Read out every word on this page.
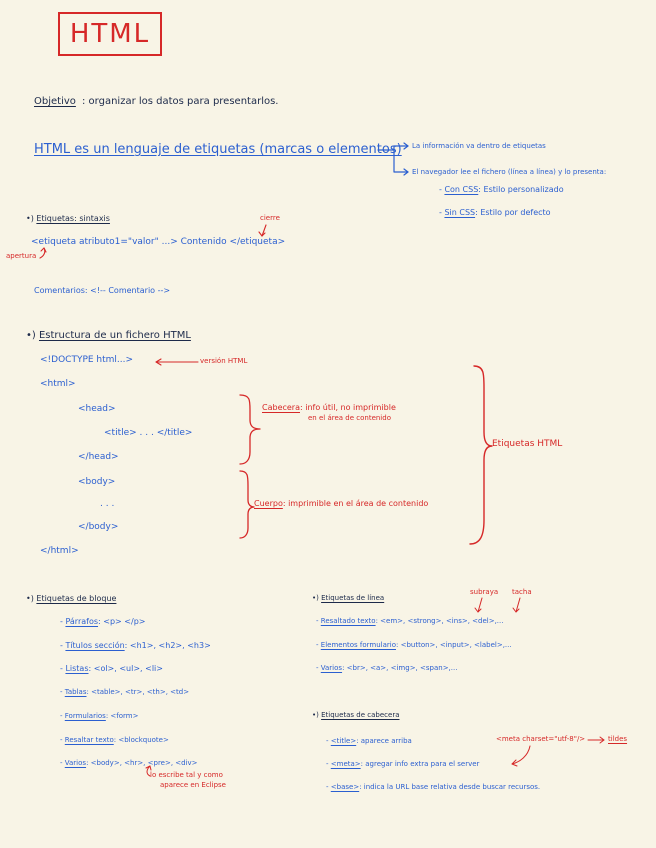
HTML
Objetivo : organizar los datos para presentarlos.
HTML es un lenguaje de etiquetas (marcas o elementos) La información va dentro de etiquetas
El navegador lee el fichero (línea a línea) y lo presenta:
- Con CSS: Estilo personalizado
- Sin CSS: Estilo por defecto
•) Etiquetas: sintaxis	cierre
<etiqueta atributo1="valor" ...> Contenido </etiqueta>
apertura
Comentarios: <!-- Comentario -->
•) Estructura de un fichero HTML
<!DOCTYPE html...>	versión HTML
<html>
<head>
<title> . . . </title>
</head>
<body>
. . .
</body>
</html>
Cabecera: info útil, no imprimible
en el área de contenido
Cuerpo: imprimible en el área de contenido
Etiquetas HTML
•) Etiquetas de bloque
- Párrafos: <p> </p>
- Títulos sección: <h1>, <h2>, <h3>
- Listas: <ol>, <ul>, <li>
- Tablas: <table>, <tr>, <th>, <td>
- Formularios: <form>
- Resaltar texto: <blockquote>
- Varios: <body>, <hr>, <pre>, <div>
lo escribe tal y como
aparece en Eclipse
•) Etiquetas de línea
subraya tacha
- Resaltado texto: <em>, <strong>, <ins>, <del>,...
- Elementos formulario: <button>, <input>, <label>,...
- Varios: <br>, <a>, <img>, <span>,...
•) Etiquetas de cabecera
<meta charset="utf-8"/>	tildes
- <title>: aparece arriba
- <meta>: agregar info extra para el server
- <base>: indica la URL base relativa desde buscar recursos.
